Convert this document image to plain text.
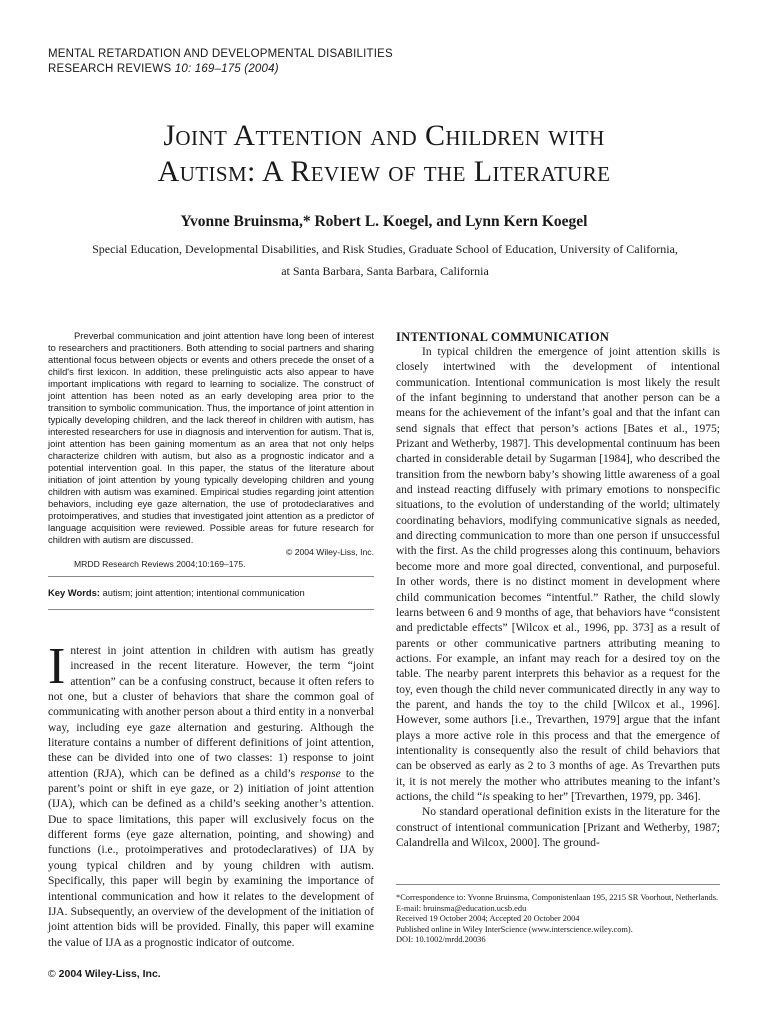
MENTAL RETARDATION AND DEVELOPMENTAL DISABILITIES
RESEARCH REVIEWS 10: 169–175 (2004)
Joint Attention and Children with
Autism: A Review of the Literature
Yvonne Bruinsma,* Robert L. Koegel, and Lynn Kern Koegel
Special Education, Developmental Disabilities, and Risk Studies, Graduate School of Education, University of California,
at Santa Barbara, Santa Barbara, California

Preverbal communication and joint attention have long been of interest to researchers and practitioners. Both attending to social partners and sharing attentional focus between objects or events and others precede the onset of a child's first lexicon. In addition, these prelinguistic acts also appear to have important implications with regard to learning to socialize. The construct of joint attention has been noted as an early developing area prior to the transition to symbolic communication. Thus, the importance of joint attention in typically developing children, and the lack thereof in children with autism, has interested researchers for use in diagnosis and intervention for autism. That is, joint attention has been gaining momentum as an area that not only helps characterize children with autism, but also as a prognostic indicator and a potential intervention goal. In this paper, the status of the literature about initiation of joint attention by young typically developing children and young children with autism was examined. Empirical studies regarding joint attention behaviors, including eye gaze alternation, the use of protodeclaratives and protoimperatives, and studies that investigated joint attention as a predictor of language acquisition were reviewed. Possible areas for future research for children with autism are discussed.

© 2004 Wiley-Liss, Inc.

MRDD Research Reviews 2004;10:169–175.

Key Words: autism; joint attention; intentional communication

Interest in joint attention in children with autism has greatly increased in the recent literature. However, the term “joint attention” can be a confusing construct, because it often refers to not one, but a cluster of behaviors that share the common goal of communicating with another person about a third entity in a nonverbal way, including eye gaze alternation and gesturing. Although the literature contains a number of different definitions of joint attention, these can be divided into one of two classes: 1) response to joint attention (RJA), which can be defined as a child’s response to the parent’s point or shift in eye gaze, or 2) initiation of joint attention (IJA), which can be defined as a child’s seeking another’s attention. Due to space limitations, this paper will exclusively focus on the different forms (eye gaze alternation, pointing, and showing) and functions (i.e., protoimperatives and protodeclaratives) of IJA by young typical children and by young children with autism. Specifically, this paper will begin by examining the importance of intentional communication and how it relates to the development of IJA. Subsequently, an overview of the development of the initiation of joint attention bids will be provided. Finally, this paper will examine the value of IJA as a prognostic indicator of outcome.

© 2004 Wiley-Liss, Inc.
INTENTIONAL COMMUNICATION

In typical children the emergence of joint attention skills is closely intertwined with the development of intentional communication. Intentional communication is most likely the result of the infant beginning to understand that another person can be a means for the achievement of the infant’s goal and that the infant can send signals that effect that person’s actions [Bates et al., 1975; Prizant and Wetherby, 1987]. This developmental continuum has been charted in considerable detail by Sugarman [1984], who described the transition from the newborn baby’s showing little awareness of a goal and instead reacting diffusely with primary emotions to nonspecific situations, to the evolution of understanding of the world; ultimately coordinating behaviors, modifying communicative signals as needed, and directing communication to more than one person if unsuccessful with the first. As the child progresses along this continuum, behaviors become more and more goal directed, conventional, and purposeful. In other words, there is no distinct moment in development where child communication becomes “intentful.” Rather, the child slowly learns between 6 and 9 months of age, that behaviors have “consistent and predictable effects” [Wilcox et al., 1996, pp. 373] as a result of parents or other communicative partners attributing meaning to actions. For example, an infant may reach for a desired toy on the table. The nearby parent interprets this behavior as a request for the toy, even though the child never communicated directly in any way to the parent, and hands the toy to the child [Wilcox et al., 1996]. However, some authors [i.e., Trevarthen, 1979] argue that the infant plays a more active role in this process and that the emergence of intentionality is consequently also the result of child behaviors that can be observed as early as 2 to 3 months of age. As Trevarthen puts it, it is not merely the mother who attributes meaning to the infant’s actions, the child “is speaking to her” [Trevarthen, 1979, pp. 346].

No standard operational definition exists in the literature for the construct of intentional communication [Prizant and Wetherby, 1987; Calandrella and Wilcox, 2000]. The ground-

*Correspondence to: Yvonne Bruinsma, Componistenlaan 195, 2215 SR Voorhout, Netherlands. E-mail: bruinsma@education.ucsb.edu
Received 19 October 2004; Accepted 20 October 2004
Published online in Wiley InterScience (www.interscience.wiley.com).
DOI: 10.1002/mrdd.20036
